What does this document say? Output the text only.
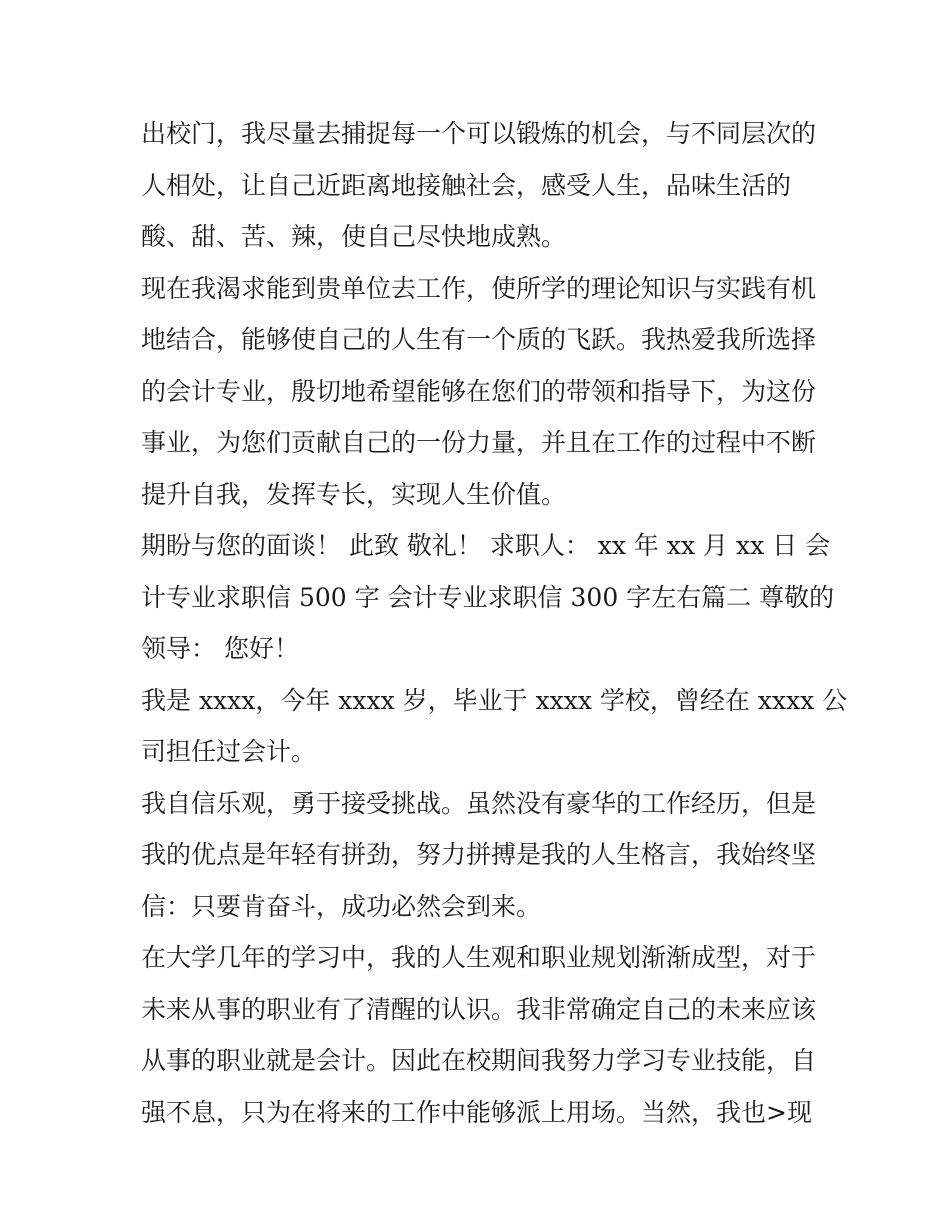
出校门，我尽量去捕捉每一个可以锻炼的机会，与不同层次的
人相处，让自己近距离地接触社会，感受人生，品味生活的
酸、甜、苦、辣，使自己尽快地成熟。

现在我渴求能到贵单位去工作，使所学的理论知识与实践有机
地结合，能够使自己的人生有一个质的飞跃。我热爱我所选择
的会计专业，殷切地希望能够在您们的带领和指导下，为这份
事业，为您们贡献自己的一份力量，并且在工作的过程中不断
提升自我，发挥专长，实现人生价值。

期盼与您的面谈！ 此致 敬礼！ 求职人： xx 年 xx 月 xx 日 会
计专业求职信 500 字 会计专业求职信 300 字左右篇二 尊敬的
领导： 您好！

我是 xxxx，今年 xxxx 岁，毕业于 xxxx 学校，曾经在 xxxx 公
司担任过会计。

我自信乐观，勇于接受挑战。虽然没有豪华的工作经历，但是
我的优点是年轻有拼劲，努力拼搏是我的人生格言，我始终坚
信：只要肯奋斗，成功必然会到来。

在大学几年的学习中，我的人生观和职业规划渐渐成型，对于
未来从事的职业有了清醒的认识。我非常确定自己的未来应该
从事的职业就是会计。因此在校期间我努力学习专业技能，自
强不息，只为在将来的工作中能够派上用场。当然，我也>现
